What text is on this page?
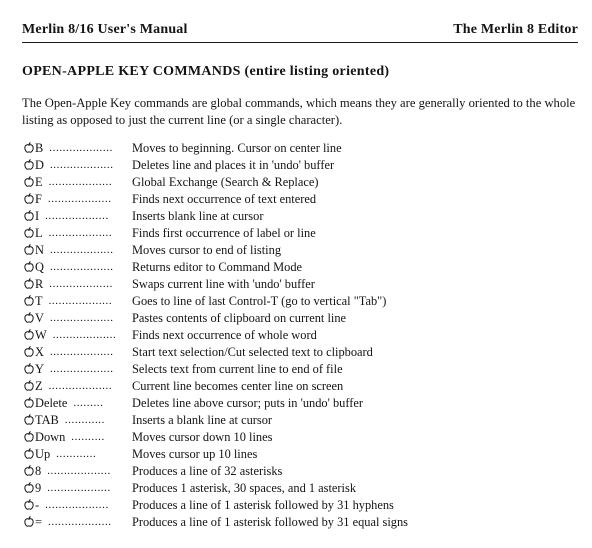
Merlin 8/16 User's Manual	The Merlin 8 Editor
OPEN-APPLE KEY COMMANDS (entire listing oriented)
The Open-Apple Key commands are global commands, which means they are generally oriented to the whole listing as opposed to just the current line (or a single character).
B ................... Moves to beginning. Cursor on center line
D ................... Deletes line and places it in 'undo' buffer
E ................... Global Exchange (Search & Replace)
F ................... Finds next occurrence of text entered
I ................... Inserts blank line at cursor
L ................... Finds first occurrence of label or line
N ................... Moves cursor to end of listing
Q ................... Returns editor to Command Mode
R ................... Swaps current line with 'undo' buffer
T ................... Goes to line of last Control-T (go to vertical "Tab")
V ................... Pastes contents of clipboard on current line
W ................... Finds next occurrence of whole word
X ................... Start text selection/Cut selected text to clipboard
Y ................... Selects text from current line to end of file
Z ................... Current line becomes center line on screen
Delete ......... Deletes line above cursor; puts in 'undo' buffer
TAB ............ Inserts a blank line at cursor
Down .......... Moves cursor down 10 lines
Up ............	Moves cursor up 10 lines
8 ................... Produces a line of 32 asterisks
9 ................... Produces 1 asterisk, 30 spaces, and 1 asterisk
- ................... Produces a line of 1 asterisk followed by 31 hyphens
= ................... Produces a line of 1 asterisk followed by 31 equal signs
